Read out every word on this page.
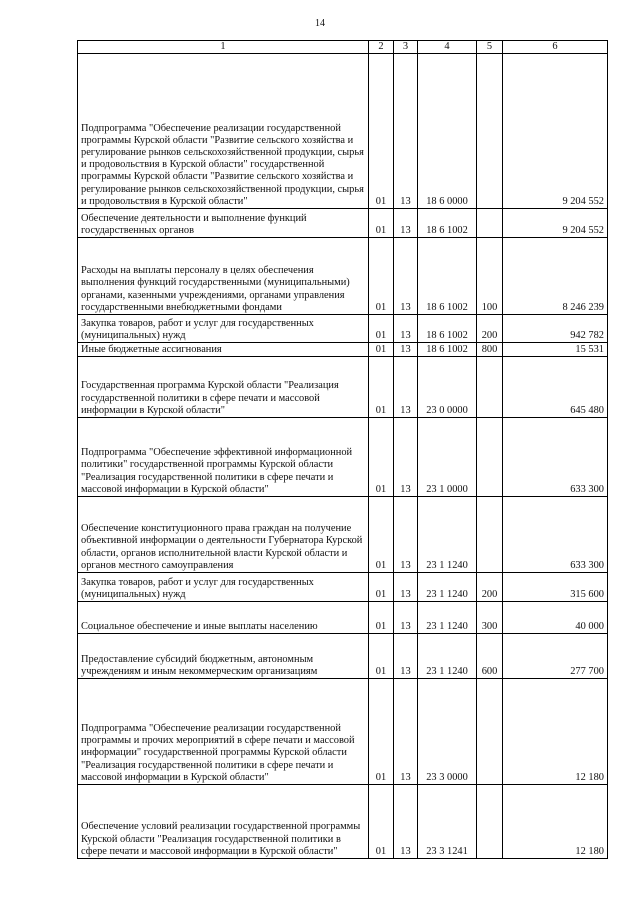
14
1	2	3	4	5	6
Подпрограмма "Обеспечение реализации государственной программы Курской области "Развитие сельского хозяйства и регулирование рынков сельскохозяйственной продукции, сырья и продовольствия в Курской области" государственной программы Курской области "Развитие сельского хозяйства и регулирование рынков сельскохозяйственной продукции, сырья и продовольствия в Курской области"	01	13	18 6 0000		9 204 552
Обеспечение деятельности и выполнение функций государственных органов	01	13	18 6 1002		9 204 552
Расходы на выплаты персоналу в целях обеспечения выполнения функций государственными (муниципальными) органами, казенными учреждениями, органами управления государственными внебюджетными фондами	01	13	18 6 1002	100	8 246 239
Закупка товаров, работ и услуг для государственных (муниципальных) нужд	01	13	18 6 1002	200	942 782
Иные бюджетные ассигнования	01	13	18 6 1002	800	15 531
Государственная программа Курской области "Реализация государственной политики в сфере печати и массовой информации в Курской области"	01	13	23 0 0000		645 480
Подпрограмма "Обеспечение эффективной информационной политики" государственной программы Курской области "Реализация государственной политики в сфере печати и массовой информации в Курской области"	01	13	23 1 0000		633 300
Обеспечение конституционного права граждан на получение объективной информации о деятельности Губернатора Курской области, органов исполнительной власти Курской области и органов местного самоуправления	01	13	23 1 1240		633 300
Закупка товаров, работ и услуг для государственных (муниципальных) нужд	01	13	23 1 1240	200	315 600
Социальное обеспечение и иные выплаты населению	01	13	23 1 1240	300	40 000
Предоставление субсидий бюджетным, автономным учреждениям и иным некоммерческим организациям	01	13	23 1 1240	600	277 700
Подпрограмма "Обеспечение реализации государственной программы и прочих мероприятий в сфере печати и массовой информации" государственной программы Курской области "Реализация государственной политики в сфере печати и массовой информации в Курской области"	01	13	23 3 0000		12 180
Обеспечение условий реализации государственной программы Курской области "Реализация государственной политики в сфере печати и массовой информации в Курской области"	01	13	23 3 1241		12 180
